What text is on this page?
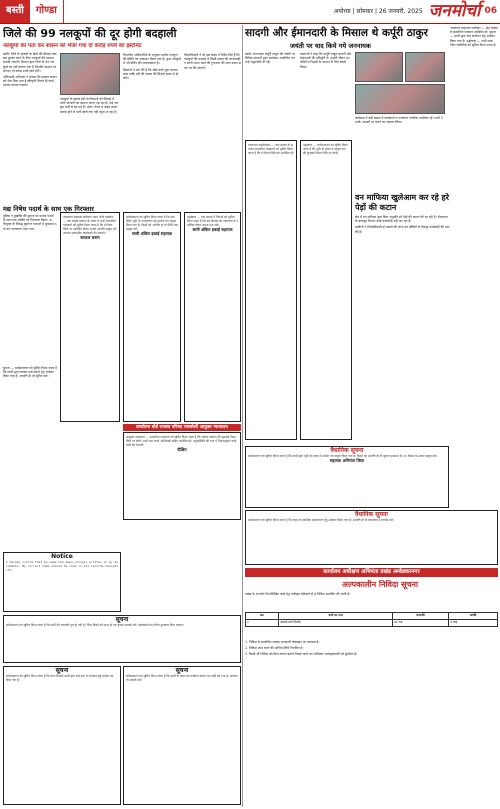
बस्ती	गोण्डा	अयोध्या | सोमवार | 26 जनवरी, 2025 जनमोर्चा 06
जिले की 99 नलकूपों की दूर होगी बदहाली
नलकूपों का पता कर शासन को भेजा गया दो करोड़ रुपये का इस्टीमेट

बस्ती। जिले के कृषकों के खेतों की सिंचाई व्यवस्था दुरुस्त करने के लिए नलकूपों की मरम्मत करायी जाएगी। विभाग द्वारा जिले के 99 नलकूपों का सर्वे कराया गया है जिनकी मरम्मत पर लगभग दो करोड़ रुपये खर्च होंगे।

अधिशासी अभियंता ने बताया कि प्रस्ताव शासन को भेज दिया गया है स्वीकृति मिलते ही कार्य प्रारम्भ कराया जाएगा।

नलकूपों के खराब होने से किसानों को सिंचाई में भारी परेशानी का सामना करना पड़ रहा है। कई नलकूप वर्षों से बंद पड़े हैं। मोटर, पैनल व पाइप लाइन खराब होने से पानी खेतों तक नहीं पहुंच पा रहा है।

विभागीय अधिकारियों के अनुसार प्रत्येक नलकूप की स्थिति का आकलन किया गया है। कुछ नलकूपों में नये बोरिंग की आवश्यकता है।

किसानों ने मांग की है कि शीघ्र कार्य शुरू कराया जाय ताकि रबी की फसल की सिंचाई समय से हो सके।

जिलाधिकारी ने भी इस संबंध में निर्देश दिये हैं कि नलकूपों की मरम्मत में किसी प्रकार की लापरवाही न बरती जाय। कार्य की गुणवत्ता की जांच समय समय पर की जाएगी।

मद्य निषेध पदार्थ के साथ एक गिरफ्तार

पुलिस ने मुखबिर की सूचना पर मादक पदार्थ के साथ एक व्यक्ति को गिरफ्तार किया। अभियुक्त के विरुद्ध सुसंगत धाराओं में मुकदमा दर्ज कर न्यायालय भेजा गया।

न्यायालय सहायक कलेक्टर प्रथम श्रेणी तहसील — वाद संख्या प्रकरण के संबंध में सभी सम्बन्धित पक्षकारों को सूचित किया जाता है कि वे नियत तिथि पर उपस्थित होकर अपनी आपत्ति प्रस्तुत करें अन्यथा एकपक्षीय कार्यवाही की जाएगी।
सरकार बनाम
सर्वसाधारण को सूचित किया जाता है कि ग्राम स्थित भूमि के नामान्तरण हेतु प्रार्थना पत्र प्रस्तुत किया गया है। किसी को आपत्ति हो तो तिथि तक प्रस्तुत करें।
सामी अंकित इकाई सहायक
उद्घोषणा — वाद संख्या में विपक्षी को सूचित किया जाता है कि वह दिनांक को न्यायालय में उपस्थित होकर अपना पक्ष रखें।
सामी अंकित इकाई सहायक

सूचना — सर्वसाधारण को सूचित किया जाता है कि प्रार्थी द्वारा वरासत दर्ज कराने हेतु आवेदन किया गया है। आपत्ति हो तो सूचित करें।

कार्यालय बोर्ड राजस्व परिषद रायबरेली आयुक्त न्यायालय
आयुक्त न्यायालय — सम्बन्धित पक्षकारों को सूचित किया जाता है कि अपील प्रकरण की सुनवाई नियत तिथि पर होगी। सभी पक्ष अपने अभिलेखों सहित उपस्थित हों। अनुपस्थिति की दशा में नियमानुसार कार्यवाही की जाएगी।
दीक्षित
Notice
I hereby inform that my name has been wrongly written in my documents. My correct name should be read in all records henceforth.
सूचना
सर्वसाधारण को सूचित किया जाता है कि प्रार्थी की पत्रावली गुम हो गयी है। जिस किसी को प्राप्त हो वह कृपया सम्पर्क करें। खोजकर्ता को उचित पुरस्कार दिया जाएगा।
सूचना
सर्वसाधारण को सूचित किया जाता है कि ग्राम निवासी प्रार्थी द्वारा दर्ज नाम में संशोधन हेतु प्रार्थना पत्र दिया गया है।
सूचना
सर्वसाधारण को सूचित किया जाता है कि प्रार्थी के वाहन का पंजीयन प्रमाण पत्र कहीं खो गया है। प्राप्तकर्ता सम्पर्क करें।
सादगी और ईमानदारी के मिसाल थे कर्पूरी ठाकुर
जयंती पर याद किये गये जननायक

बस्ती। जननायक कर्पूरी ठाकुर की जयंती पर विभिन्न संगठनों द्वारा कार्यक्रम आयोजित कर उन्हें श्रद्धांजलि दी गई।

वक्ताओं ने कहा कि कर्पूरी ठाकुर सादगी और ईमानदारी की प्रतिमूर्ति थे। उन्होंने जीवन भर गरीबों व पिछड़ों के उत्थान के लिए संघर्ष किया।

कार्यक्रम में बड़ी संख्या में कार्यकर्ता व गणमान्य नागरिक उपस्थित रहे। सभी ने उनके आदर्शों पर चलने का संकल्प लिया।

वन माफिया खुलेआम कर रहे हरे पेड़ों की कटान

क्षेत्र में वन माफिया द्वारा बिना अनुमति हरे पेड़ों की कटान की जा रही है। शिकायत के बावजूद विभाग कोई कार्यवाही नहीं कर रहा है।

ग्रामीणों ने जिलाधिकारी से मामले की जांच कर दोषियों के विरुद्ध कार्यवाही की मांग की है।

न्यायालय तहसीलदार — वाद संख्या के अन्तर्गत सम्बन्धित पक्षकारों को सूचित किया जाता है कि वे नियत तिथि को उपस्थित हों।
उद्घोषणा — सर्वसाधारण को सूचित किया जाता है कि भूमि के संबंध में प्रस्तुत वाद की सुनवाई नियत तिथि पर होगी।

न्यायालय सहायक कलेक्टर — वाद संख्या में सम्बन्धित पक्षकार उपस्थित हों। सूचना — प्रार्थी द्वारा नाम संशोधन हेतु आवेदन किया गया है। उद्घोषणा — सभी सम्बन्धित व्यक्तियों को सूचित किया जाता है।

वैधानिक सूचना
सर्वसाधारण को सूचित किया जाता है कि प्रार्थी द्वारा भूमि के संबंध में प्रार्थना पत्र प्रस्तुत किया गया है। किसी को आपत्ति हो तो सूचना प्रकाशन के 15 दिवस के अन्दर प्रस्तुत करें।
सहायक अभियंता जिला
वैधानिक सूचना
सर्वसाधारण को सूचित किया जाता है कि वाहन के स्वामित्व हस्तान्तरण हेतु आवेदन किया गया है। आपत्ति हो तो कार्यालय में सम्पर्क करें।
कार्यालय अधीक्षण अभियंता प्रखंड अम्बेडकरनगर
अल्पकालीन निविदा सूचना

प्रखंड के अन्तर्गत निम्नलिखित कार्य हेतु पंजीकृत ठेकेदारों से ई-निविदा आमंत्रित की जाती है।

क्र०	कार्य का नाम	धनराशि	अवधि
1	सम्पर्क मार्ग निर्माण	62.38	3 माह

1. निविदा से सम्बन्धित समस्त जानकारी वेबसाइट पर उपलब्ध है।

2. निविदा जमा करने की अन्तिम तिथि निर्धारित है।

3. किसी भी निविदा को बिना कारण बताये निरस्त करने का अधिकार अधोहस्ताक्षरी को सुरक्षित है।
